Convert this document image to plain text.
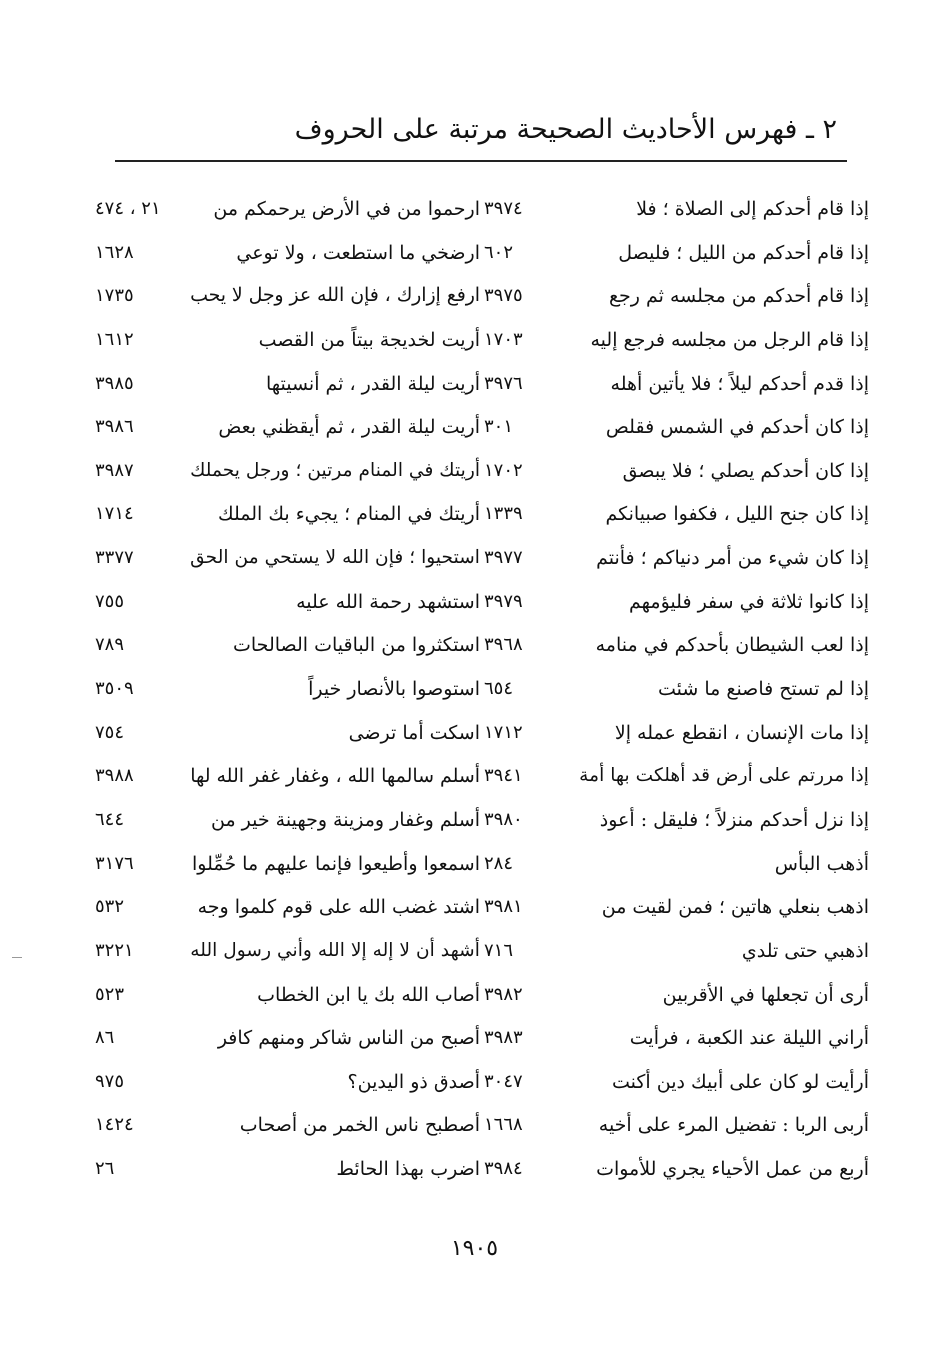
٢ ـ فهرس الأحاديث الصحيحة مرتبة على الحروف
إذا قام أحدكم إلى الصلاة ؛ فلا
٣٩٧٤
إذا قام أحدكم من الليل ؛ فليصل
٦٠٢
إذا قام أحدكم من مجلسه ثم رجع
٣٩٧٥
إذا قام الرجل من مجلسه فرجع إليه
١٧٠٣
إذا قدم أحدكم ليلاً ؛ فلا يأتين أهله
٣٩٧٦
إذا كان أحدكم في الشمس فقلص
٣٠١
إذا كان أحدكم يصلي ؛ فلا يبصق
١٧٠٢
إذا كان جنح الليل ، فكفوا صبيانكم
١٣٣٩
إذا كان شيء من أمر دنياكم ؛ فأنتم
٣٩٧٧
إذا كانوا ثلاثة في سفر فليؤمهم
٣٩٧٩
إذا لعب الشيطان بأحدكم في منامه
٣٩٦٨
إذا لم تستح فاصنع ما شئت
٦٥٤
إذا مات الإنسان ، انقطع عمله إلا
١٧١٢
إذا مررتم على أرض قد أهلكت بها أمة
٣٩٤١
إذا نزل أحدكم منزلاً ؛ فليقل : أعوذ
٣٩٨٠
أذهب البأس
٢٨٤
اذهب بنعلي هاتين ؛ فمن لقيت من
٣٩٨١
اذهبي حتى تلدي
٧١٦
أرى أن تجعلها في الأقربين
٣٩٨٢
أراني الليلة عند الكعبة ، فرأيت
٣٩٨٣
أرأيت لو كان على أبيك دين أكنت
٣٠٤٧
أربى الربا : تفضيل المرء على أخيه
١٦٦٨
أربع من عمل الأحياء يجري للأموات
٣٩٨٤
ارحموا من في الأرض يرحمكم من
٢١ ، ٤٧٤
ارضخي ما استطعت ، ولا توعي
١٦٢٨
ارفع إزارك ، فإن الله عز وجل لا يحب
١٧٣٥
أريت لخديجة بيتاً من القصب
١٦١٢
أريت ليلة القدر ، ثم أنسيتها
٣٩٨٥
أريت ليلة القدر ، ثم أيقظني بعض
٣٩٨٦
أريتك في المنام مرتين ؛ ورجل يحملك
٣٩٨٧
أريتك في المنام ؛ يجيء بك الملك
١٧١٤
استحيوا ؛ فإن الله لا يستحي من الحق
٣٣٧٧
استشهد رحمة الله عليه
٧٥٥
استكثروا من الباقيات الصالحات
٧٨٩
استوصوا بالأنصار خيراً
٣٥٠٩
اسكت أما ترضى
٧٥٤
أسلم سالمها الله ، وغفار غفر الله لها
٣٩٨٨
أسلم وغفار ومزينة وجهينة خير من
٦٤٤
اسمعوا وأطيعوا فإنما عليهم ما حُمِّلوا
٣١٧٦
اشتد غضب الله على قوم كلموا وجه
٥٣٢
أشهد أن لا إله إلا الله وأني رسول الله
٣٢٢١
أصاب الله بك يا ابن الخطاب
٥٢٣
أصبح من الناس شاكر ومنهم كافر
٨٦
أصدق ذو اليدين؟
٩٧٥
أصطبح ناس الخمر من أصحاب
١٤٢٤
اضرب بهذا الحائط
٢٦
١٩٠٥
